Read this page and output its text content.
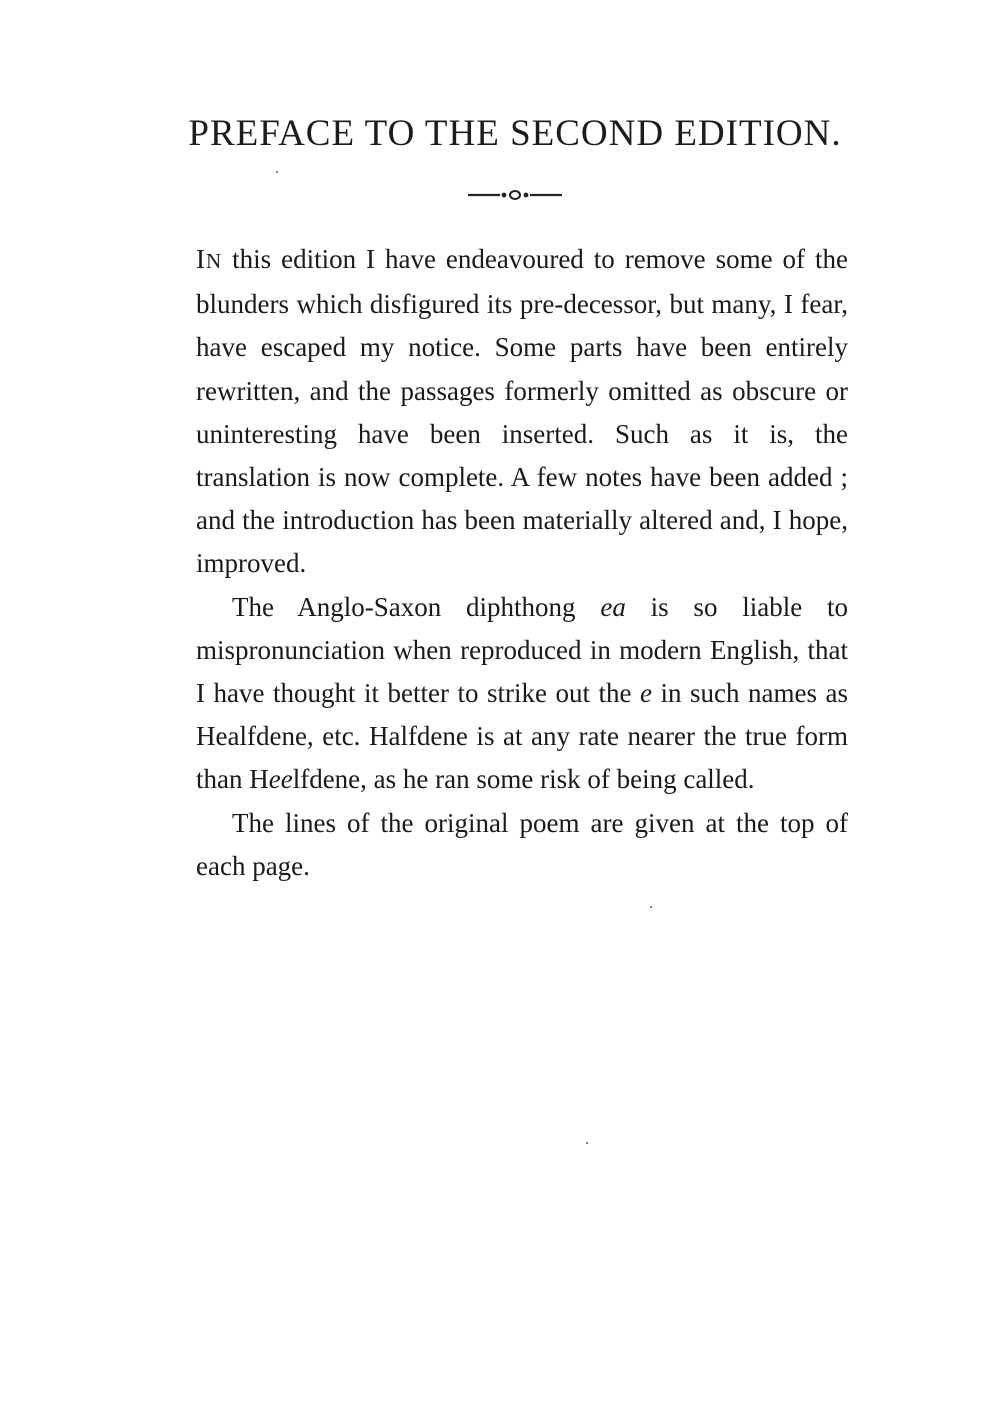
PREFACE TO THE SECOND EDITION.

IN this edition I have endeavoured to remove some of the blunders which disfigured its pre-decessor, but many, I fear, have escaped my notice. Some parts have been entirely rewritten, and the passages formerly omitted as obscure or uninteresting have been inserted. Such as it is, the translation is now complete. A few notes have been added ; and the introduction has been materially altered and, I hope, improved.

The Anglo-Saxon diphthong ea is so liable to mispronunciation when reproduced in modern English, that I have thought it better to strike out the e in such names as Healfdene, etc. Halfdene is at any rate nearer the true form than Heelfdene, as he ran some risk of being called.

The lines of the original poem are given at the top of each page.
